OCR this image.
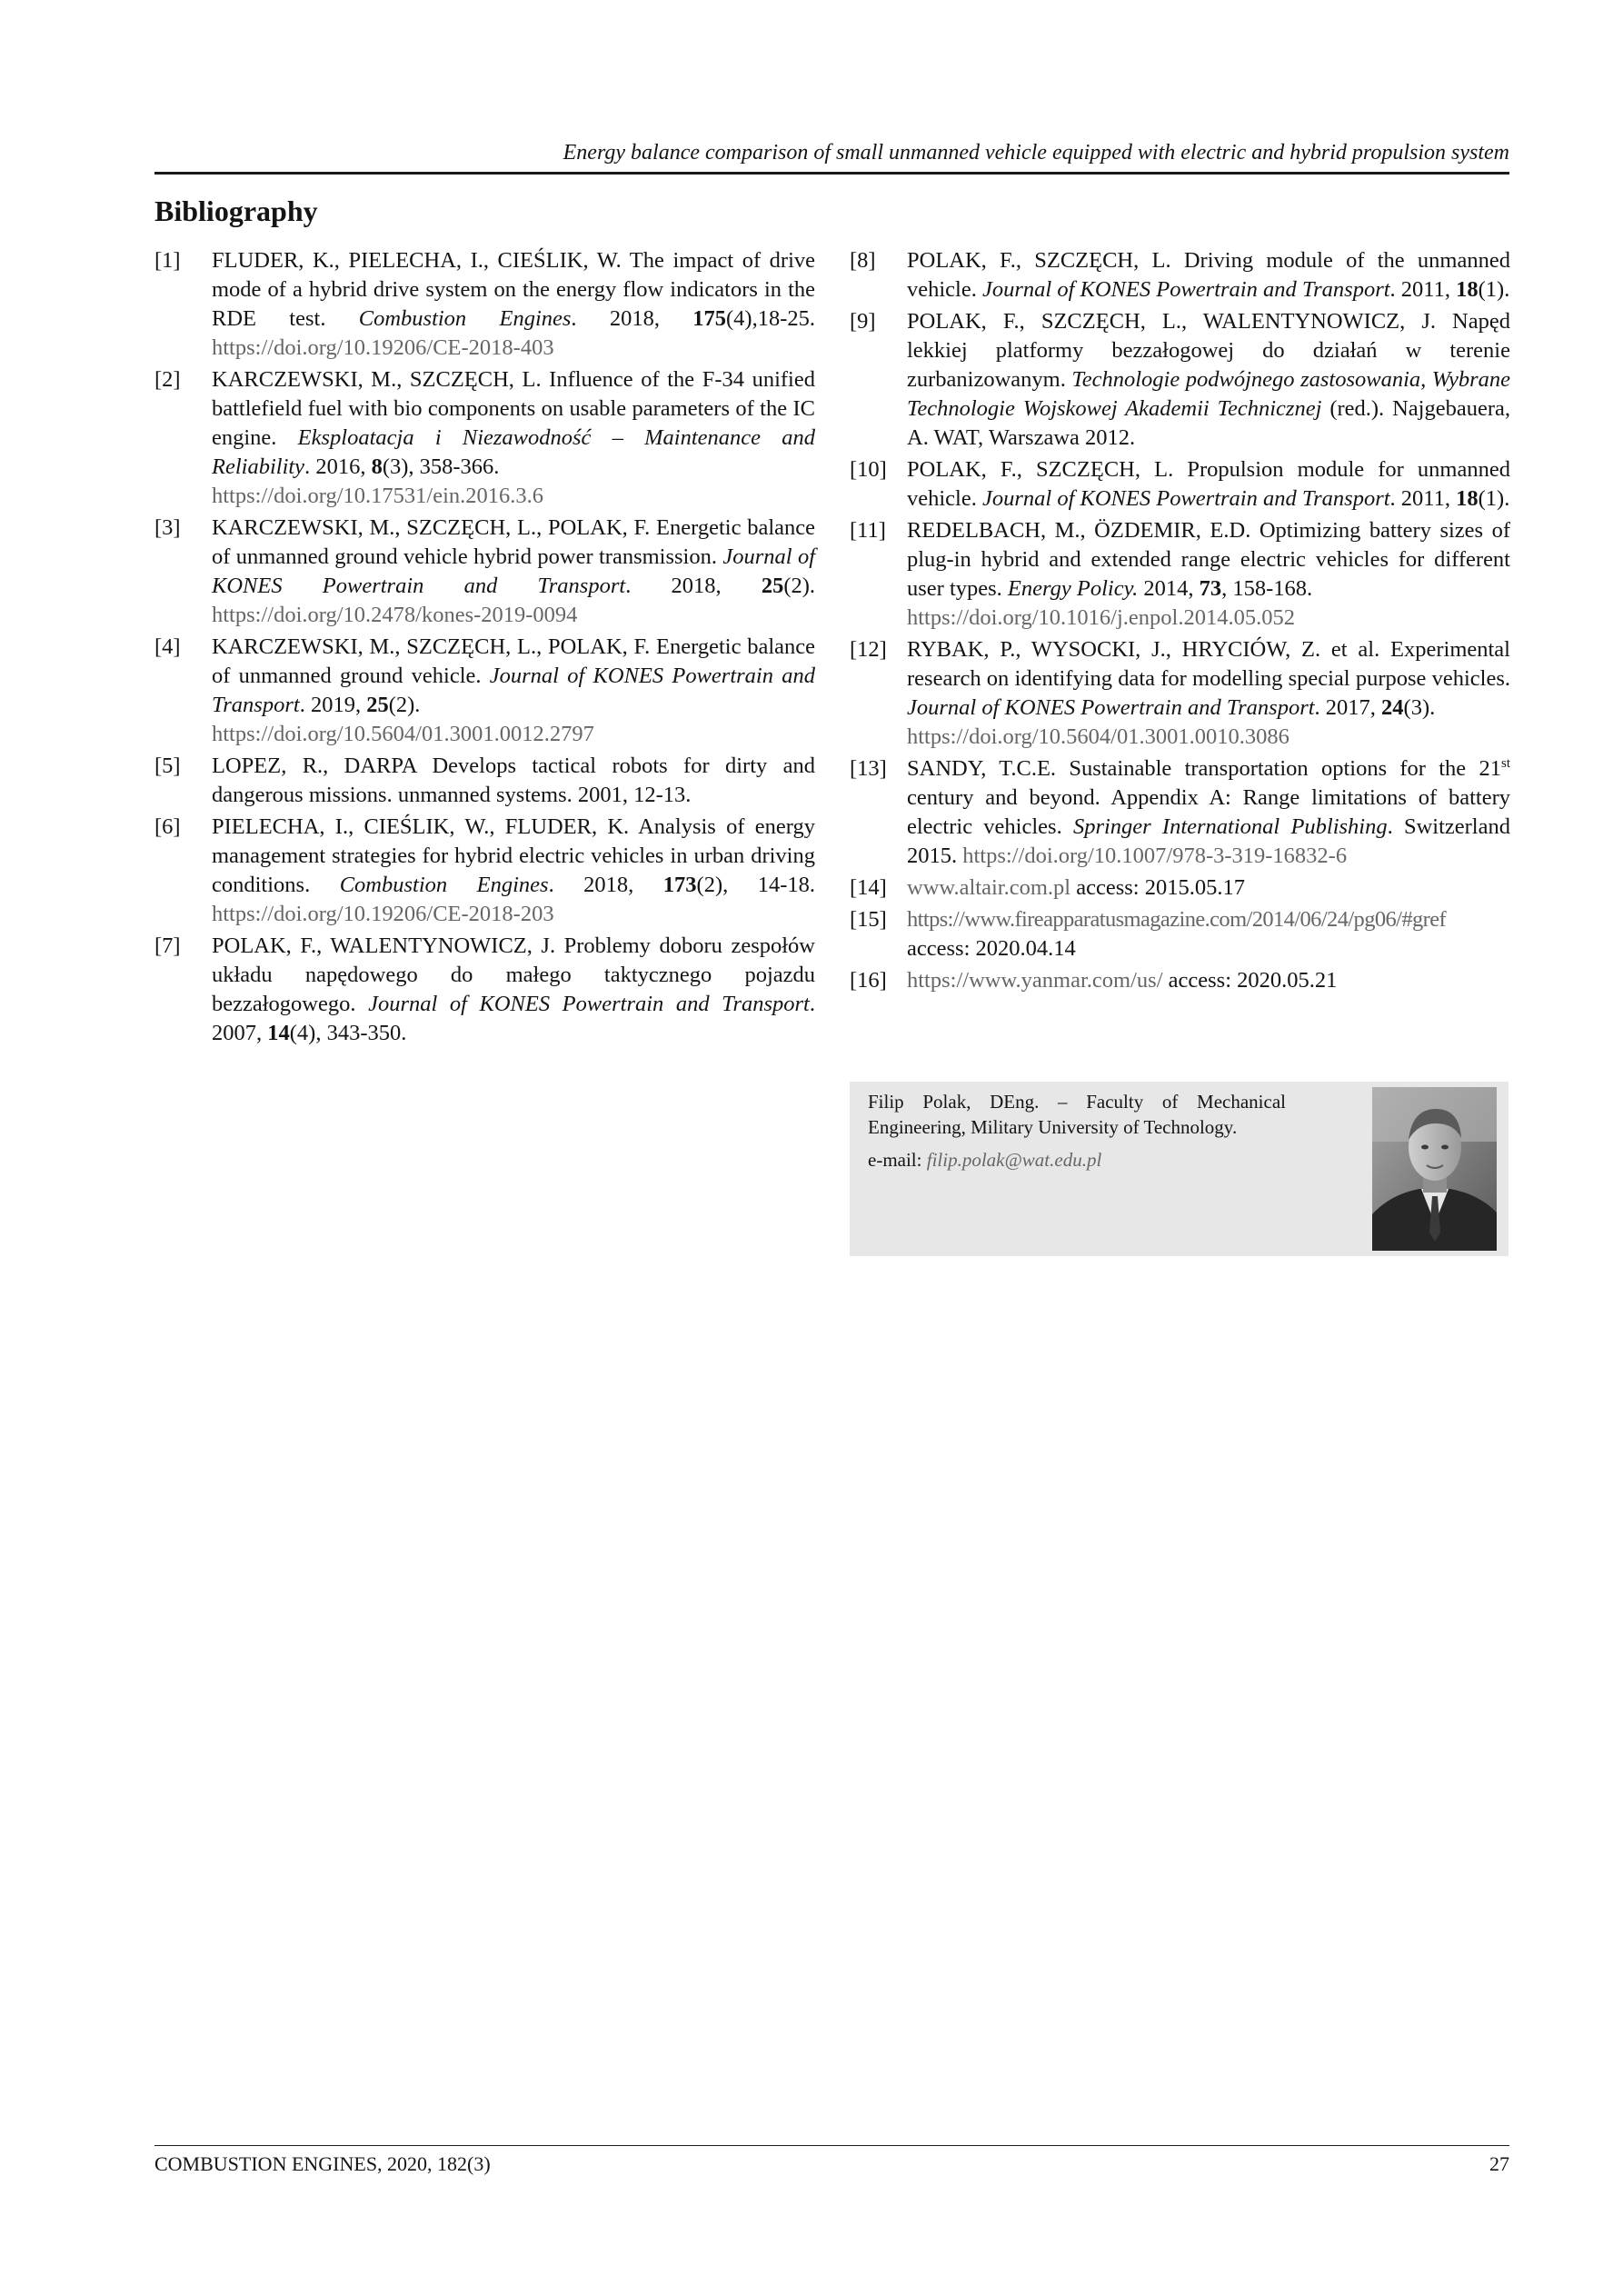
Energy balance comparison of small unmanned vehicle equipped with electric and hybrid propulsion system
Bibliography
[1] FLUDER, K., PIELECHA, I., CIEŚLIK, W. The impact of drive mode of a hybrid drive system on the energy flow indicators in the RDE test. Combustion Engines. 2018, 175(4),18-25. https://doi.org/10.19206/CE-2018-403
[2] KARCZEWSKI, M., SZCZĘCH, L. Influence of the F-34 unified battlefield fuel with bio components on usable parameters of the IC engine. Eksploatacja i Niezawodność – Maintenance and Reliability. 2016, 8(3), 358-366.
https://doi.org/10.17531/ein.2016.3.6
[3] KARCZEWSKI, M., SZCZĘCH, L., POLAK, F. Energetic balance of unmanned ground vehicle hybrid power transmission. Journal of KONES Powertrain and Transport. 2018, 25(2). https://doi.org/10.2478/kones-2019-0094
[4] KARCZEWSKI, M., SZCZĘCH, L., POLAK, F. Energetic balance of unmanned ground vehicle. Journal of KONES Powertrain and Transport. 2019, 25(2).
https://doi.org/10.5604/01.3001.0012.2797
[5] LOPEZ, R., DARPA Develops tactical robots for dirty and dangerous missions. unmanned systems. 2001, 12-13.
[6] PIELECHA, I., CIEŚLIK, W., FLUDER, K. Analysis of energy management strategies for hybrid electric vehicles in urban driving conditions. Combustion Engines. 2018, 173(2), 14-18. https://doi.org/10.19206/CE-2018-203
[7] POLAK, F., WALENTYNOWICZ, J. Problemy doboru zespołów układu napędowego do małego taktycznego pojazdu bezzałogowego. Journal of KONES Powertrain and Transport. 2007, 14(4), 343-350.
[8] POLAK, F., SZCZĘCH, L. Driving module of the unmanned vehicle. Journal of KONES Powertrain and Transport. 2011, 18(1).
[9] POLAK, F., SZCZĘCH, L., WALENTYNOWICZ, J. Napęd lekkiej platformy bezzałogowej do działań w terenie zurbanizowanym. Technologie podwójnego zastosowania, Wybrane Technologie Wojskowej Akademii Technicznej (red.). Najgebauera, A. WAT, Warszawa 2012.
[10] POLAK, F., SZCZĘCH, L. Propulsion module for unmanned vehicle. Journal of KONES Powertrain and Transport. 2011, 18(1).
[11] REDELBACH, M., ÖZDEMIR, E.D. Optimizing battery sizes of plug-in hybrid and extended range electric vehicles for different user types. Energy Policy. 2014, 73, 158-168.
https://doi.org/10.1016/j.enpol.2014.05.052
[12] RYBAK, P., WYSOCKI, J., HRYCIÓW, Z. et al. Experimental research on identifying data for modelling special purpose vehicles. Journal of KONES Powertrain and Transport. 2017, 24(3).
https://doi.org/10.5604/01.3001.0010.3086
[13] SANDY, T.C.E. Sustainable transportation options for the 21st century and beyond. Appendix A: Range limitations of battery electric vehicles. Springer International Publishing. Switzerland 2015. https://doi.org/10.1007/978-3-319-16832-6
[14] www.altair.com.pl access: 2015.05.17
[15] https://www.fireapparatusmagazine.com/2014/06/24/pg06/#gref
access: 2020.04.14
[16] https://www.yanmar.com/us/ access: 2020.05.21
Filip Polak, DEng. – Faculty of Mechanical Engineering, Military University of Technology.
e-mail: filip.polak@wat.edu.pl
COMBUSTION ENGINES, 2020, 182(3)	27
